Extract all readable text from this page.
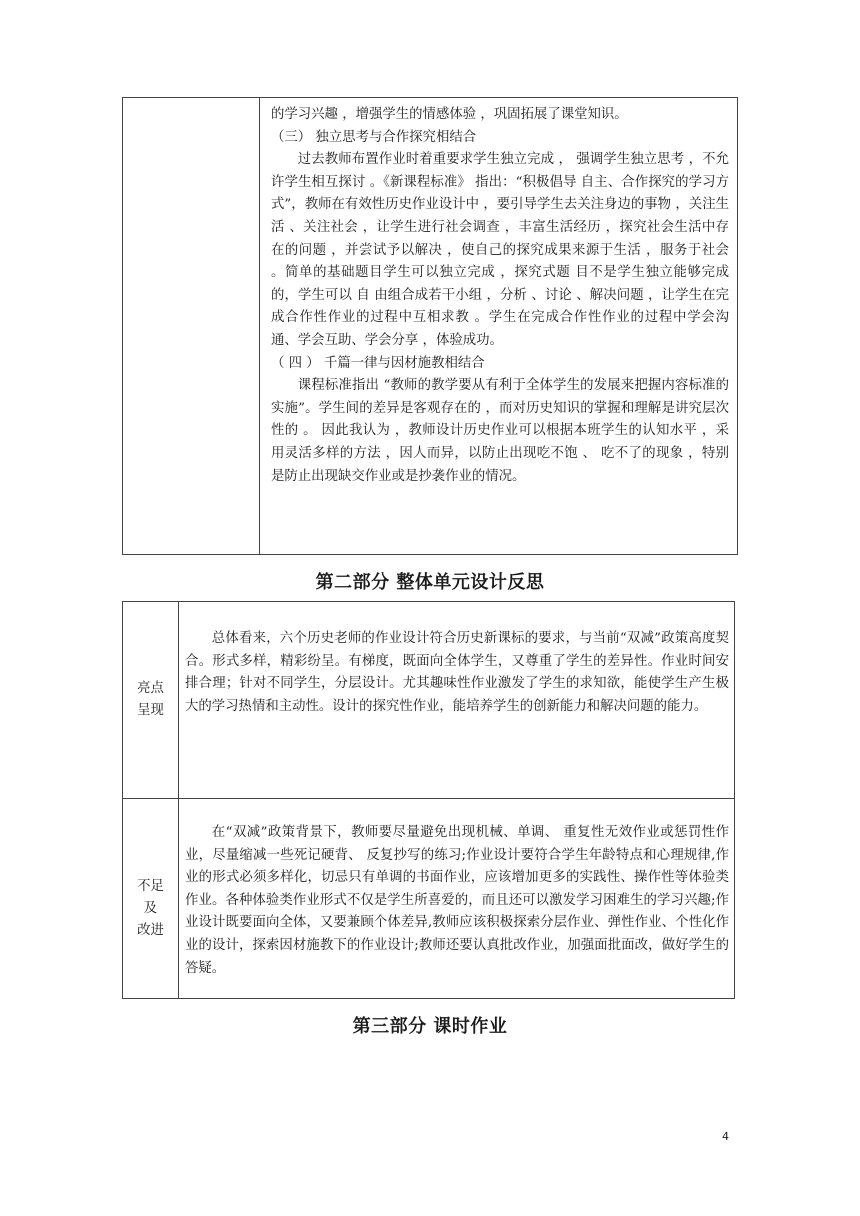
的学习兴趣 ，增强学生的情感体验 ，巩固拓展了课堂知识。

（三） 独立思考与合作探究相结合

过去教师布置作业时着重要求学生独立完成 ， 强调学生独立思考 ，不允许学生相互探讨 。《新课程标准》 指出：“积极倡导 自主、合作探究的学习方式”，教师在有效性历史作业设计中 ，要引导学生去关注身边的事物 ，关注生活 、关注社会 ，让学生进行社会调查 ，丰富生活经历 ，探究社会生活中存在的问题 ，并尝试予以解决 ，使自己的探究成果来源于生活 ，服务于社会 。简单的基础题目学生可以独立完成 ，探究式题 目不是学生独立能够完成的，学生可以 自 由组合成若干小组 ，分析 、讨论 、解决问题 ，让学生在完成合作性作业的过程中互相求教 。学生在完成合作性作业的过程中学会沟通、学会互助、学会分享 ，体验成功。

（ 四 ） 千篇一律与因材施教相结合

课程标准指出 “教师的教学要从有利于全体学生的发展来把握内容标准的实施”。学生间的差异是客观存在的 ，而对历史知识的掌握和理解是讲究层次性的 。 因此我认为 ，教师设计历史作业可以根据本班学生的认知水平 ，采用灵活多样的方法 ，因人而异，以防止出现吃不饱 、 吃不了的现象 ，特别是防止出现缺交作业或是抄袭作业的情况。

第二部分 整体单元设计反思
亮点
呈现

总体看来，六个历史老师的作业设计符合历史新课标的要求，与当前“双减”政策高度契合。形式多样，精彩纷呈。有梯度，既面向全体学生，又尊重了学生的差异性。作业时间安排合理；针对不同学生，分层设计。尤其趣味性作业激发了学生的求知欲，能使学生产生极大的学习热情和主动性。设计的探究性作业，能培养学生的创新能力和解决问题的能力。

不足
及
改进

在“双减”政策背景下，教师要尽量避免出现机械、单调、 重复性无效作业或惩罚性作业，尽量缩减一些死记硬背、 反复抄写的练习;作业设计要符合学生年龄特点和心理规律,作业的形式必须多样化，切忌只有单调的书面作业，应该增加更多的实践性、操作性等体验类作业。各种体验类作业形式不仅是学生所喜爱的，而且还可以激发学习困难生的学习兴趣;作业设计既要面向全体，又要兼顾个体差异,教师应该积极探索分层作业、弹性作业、个性化作业的设计，探索因材施教下的作业设计;教师还要认真批改作业，加强面批面改，做好学生的答疑。

第三部分 课时作业
4
